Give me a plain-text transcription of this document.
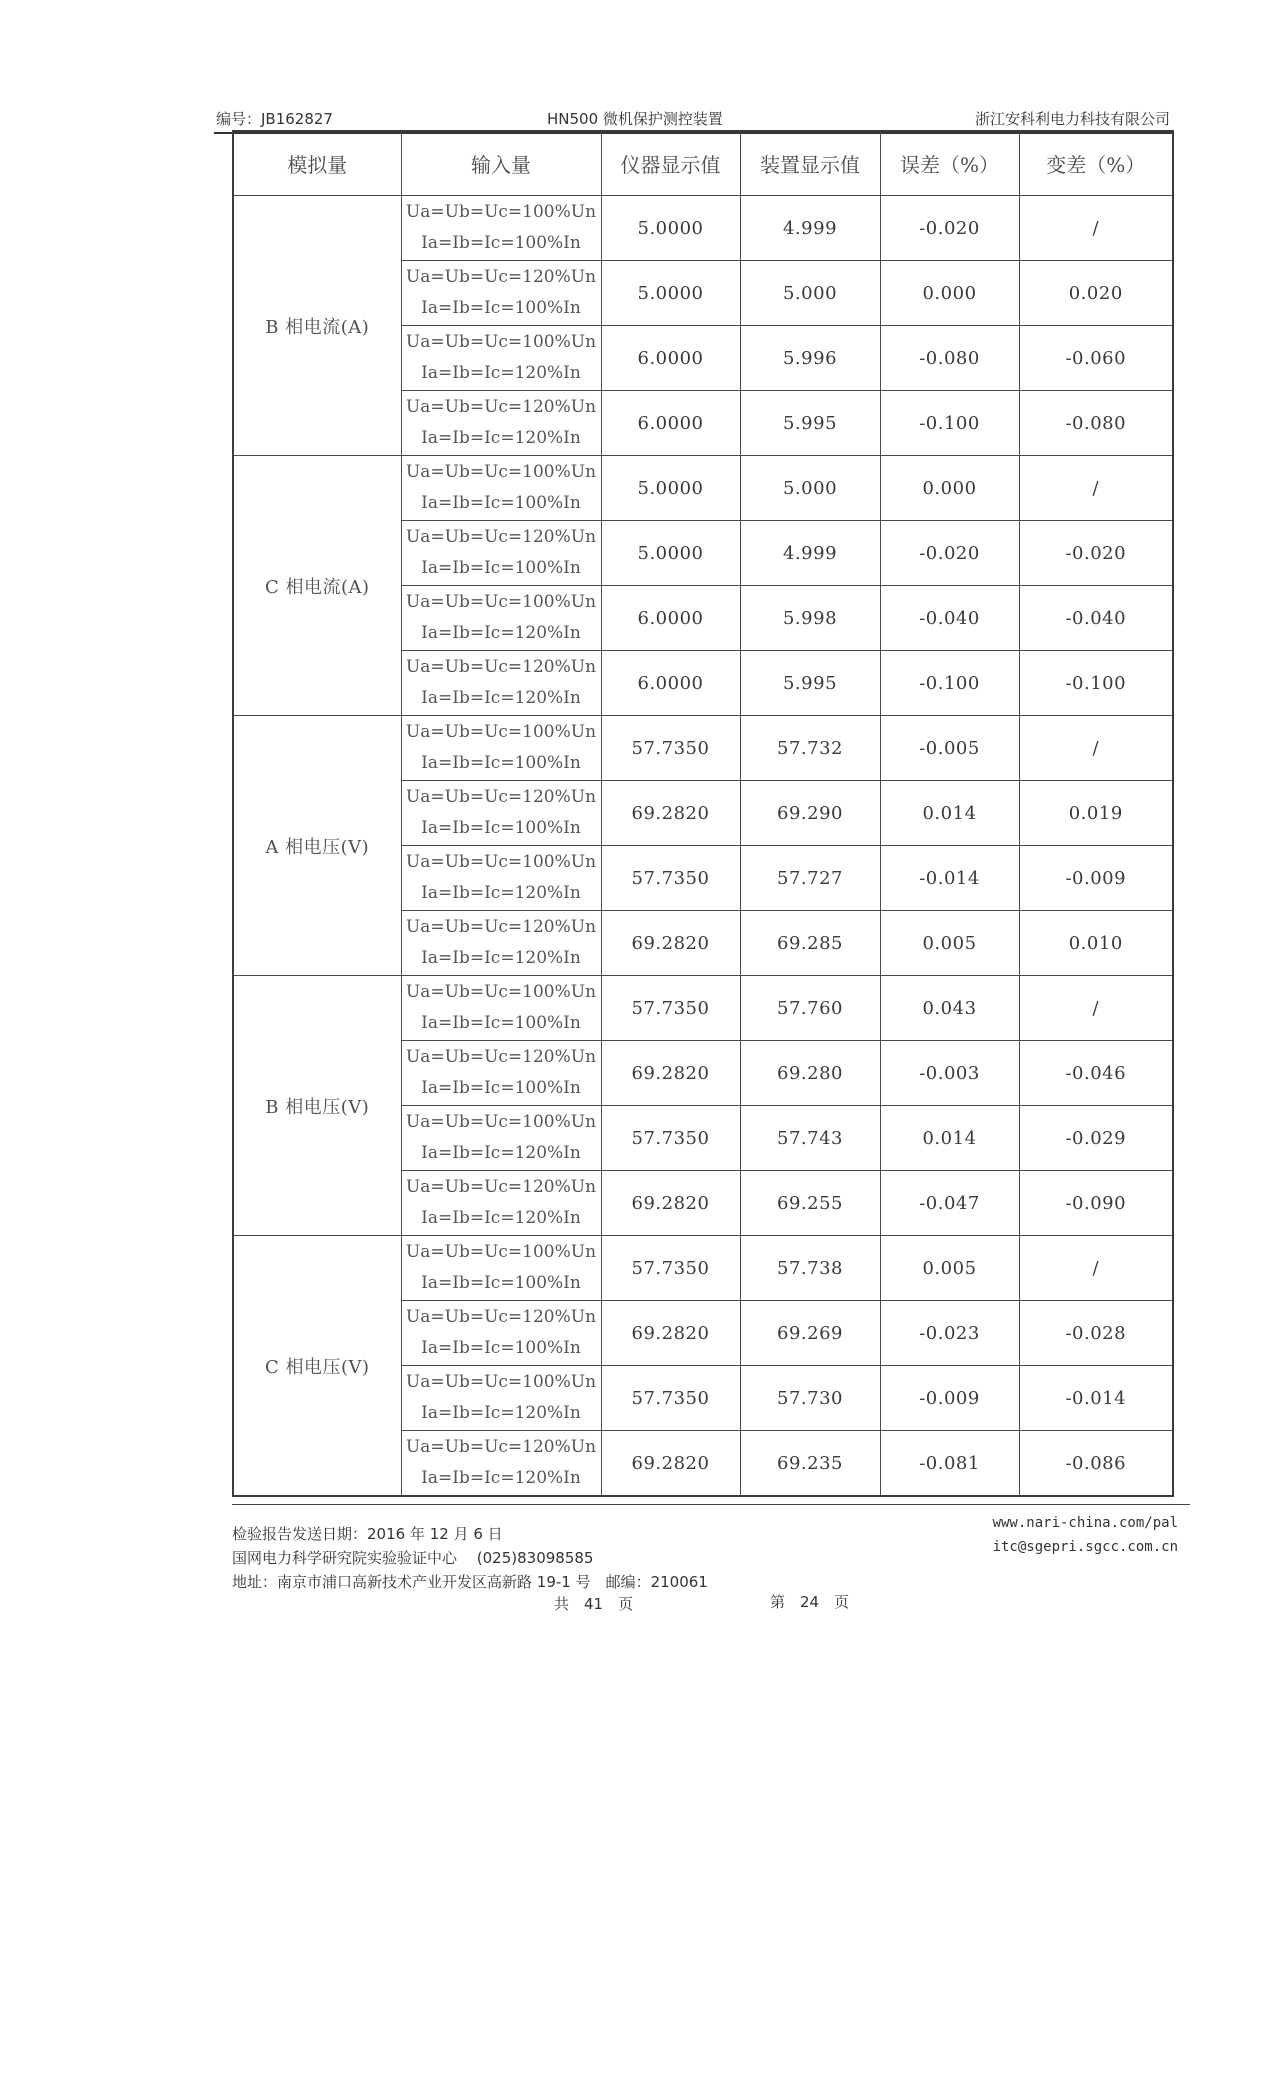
编号：JB162827	HN500 微机保护测控装置	浙江安科利电力科技有限公司
模拟量	输入量	仪器显示值	装置显示值	误差（%）	变差（%）
B 相电流(A)	Ua=Ub=Uc=100%Un
Ia=Ib=Ic=100%In	5.0000	4.999	-0.020	/

	Ua=Ub=Uc=120%Un
Ia=Ib=Ic=100%In	5.0000	5.000	0.000	0.020

	Ua=Ub=Uc=100%Un
Ia=Ib=Ic=120%In	6.0000	5.996	-0.080	-0.060

	Ua=Ub=Uc=120%Un
Ia=Ib=Ic=120%In	6.0000	5.995	-0.100	-0.080
C 相电流(A)	Ua=Ub=Uc=100%Un
Ia=Ib=Ic=100%In	5.0000	5.000	0.000	/

	Ua=Ub=Uc=120%Un
Ia=Ib=Ic=100%In	5.0000	4.999	-0.020	-0.020

	Ua=Ub=Uc=100%Un
Ia=Ib=Ic=120%In	6.0000	5.998	-0.040	-0.040

	Ua=Ub=Uc=120%Un
Ia=Ib=Ic=120%In	6.0000	5.995	-0.100	-0.100
A 相电压(V)	Ua=Ub=Uc=100%Un
Ia=Ib=Ic=100%In	57.7350	57.732	-0.005	/

	Ua=Ub=Uc=120%Un
Ia=Ib=Ic=100%In	69.2820	69.290	0.014	0.019

	Ua=Ub=Uc=100%Un
Ia=Ib=Ic=120%In	57.7350	57.727	-0.014	-0.009

	Ua=Ub=Uc=120%Un
Ia=Ib=Ic=120%In	69.2820	69.285	0.005	0.010
B 相电压(V)	Ua=Ub=Uc=100%Un
Ia=Ib=Ic=100%In	57.7350	57.760	0.043	/

	Ua=Ub=Uc=120%Un
Ia=Ib=Ic=100%In	69.2820	69.280	-0.003	-0.046

	Ua=Ub=Uc=100%Un
Ia=Ib=Ic=120%In	57.7350	57.743	0.014	-0.029

	Ua=Ub=Uc=120%Un
Ia=Ib=Ic=120%In	69.2820	69.255	-0.047	-0.090
C 相电压(V)	Ua=Ub=Uc=100%Un
Ia=Ib=Ic=100%In	57.7350	57.738	0.005	/

	Ua=Ub=Uc=120%Un
Ia=Ib=Ic=100%In	69.2820	69.269	-0.023	-0.028

	Ua=Ub=Uc=100%Un
Ia=Ib=Ic=120%In	57.7350	57.730	-0.009	-0.014

	Ua=Ub=Uc=120%Un
Ia=Ib=Ic=120%In	69.2820	69.235	-0.081	-0.086
检验报告发送日期：2016 年 12 月 6 日
国网电力科学研究院实验验证中心　 (025)83098585
地址：南京市浦口高新技术产业开发区高新路 19-1 号　邮编：210061
www.nari-china.com/pal
itc@sgepri.sgcc.com.cn
共　41　页	第　24　页
